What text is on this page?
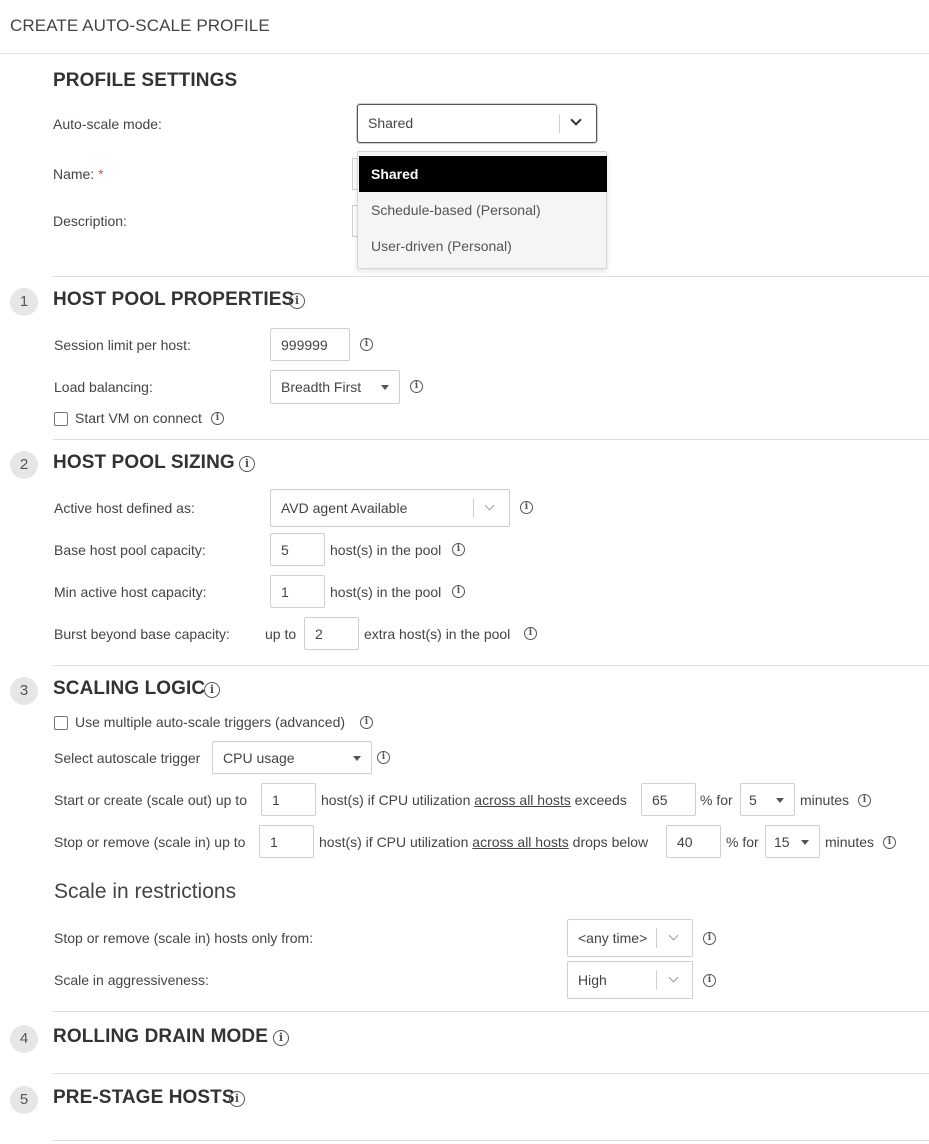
CREATE AUTO-SCALE PROFILE
PROFILE SETTINGS
Auto-scale mode:	Shared
Name: *
Description:
Shared
Schedule-based (Personal)
User-driven (Personal)
1	HOST POOL PROPERTIES i
Session limit per host:	999999	i
Load balancing:	Breadth First	i
Start VM on connect	i
2	HOST POOL SIZING i
Active host defined as:	AVD agent Available	i
Base host pool capacity:	5	host(s) in the pool	i
Min active host capacity:	1	host(s) in the pool	i
Burst beyond base capacity:	up to 2	extra host(s) in the pool	i
3	SCALING LOGIC i
Use multiple auto-scale triggers (advanced)	i
Select autoscale trigger CPU usage	i
Start or create (scale out) up to 1	host(s) if CPU utilization across all hosts exceeds 65 % for 5	minutes	i
Stop or remove (scale in) up to 1	host(s) if CPU utilization across all hosts drops below 40 % for 15	minutes	i
Scale in restrictions
Stop or remove (scale in) hosts only from:	<any time>	i
Scale in aggressiveness:	High	i
4	ROLLING DRAIN MODE i
5	PRE-STAGE HOSTS i
